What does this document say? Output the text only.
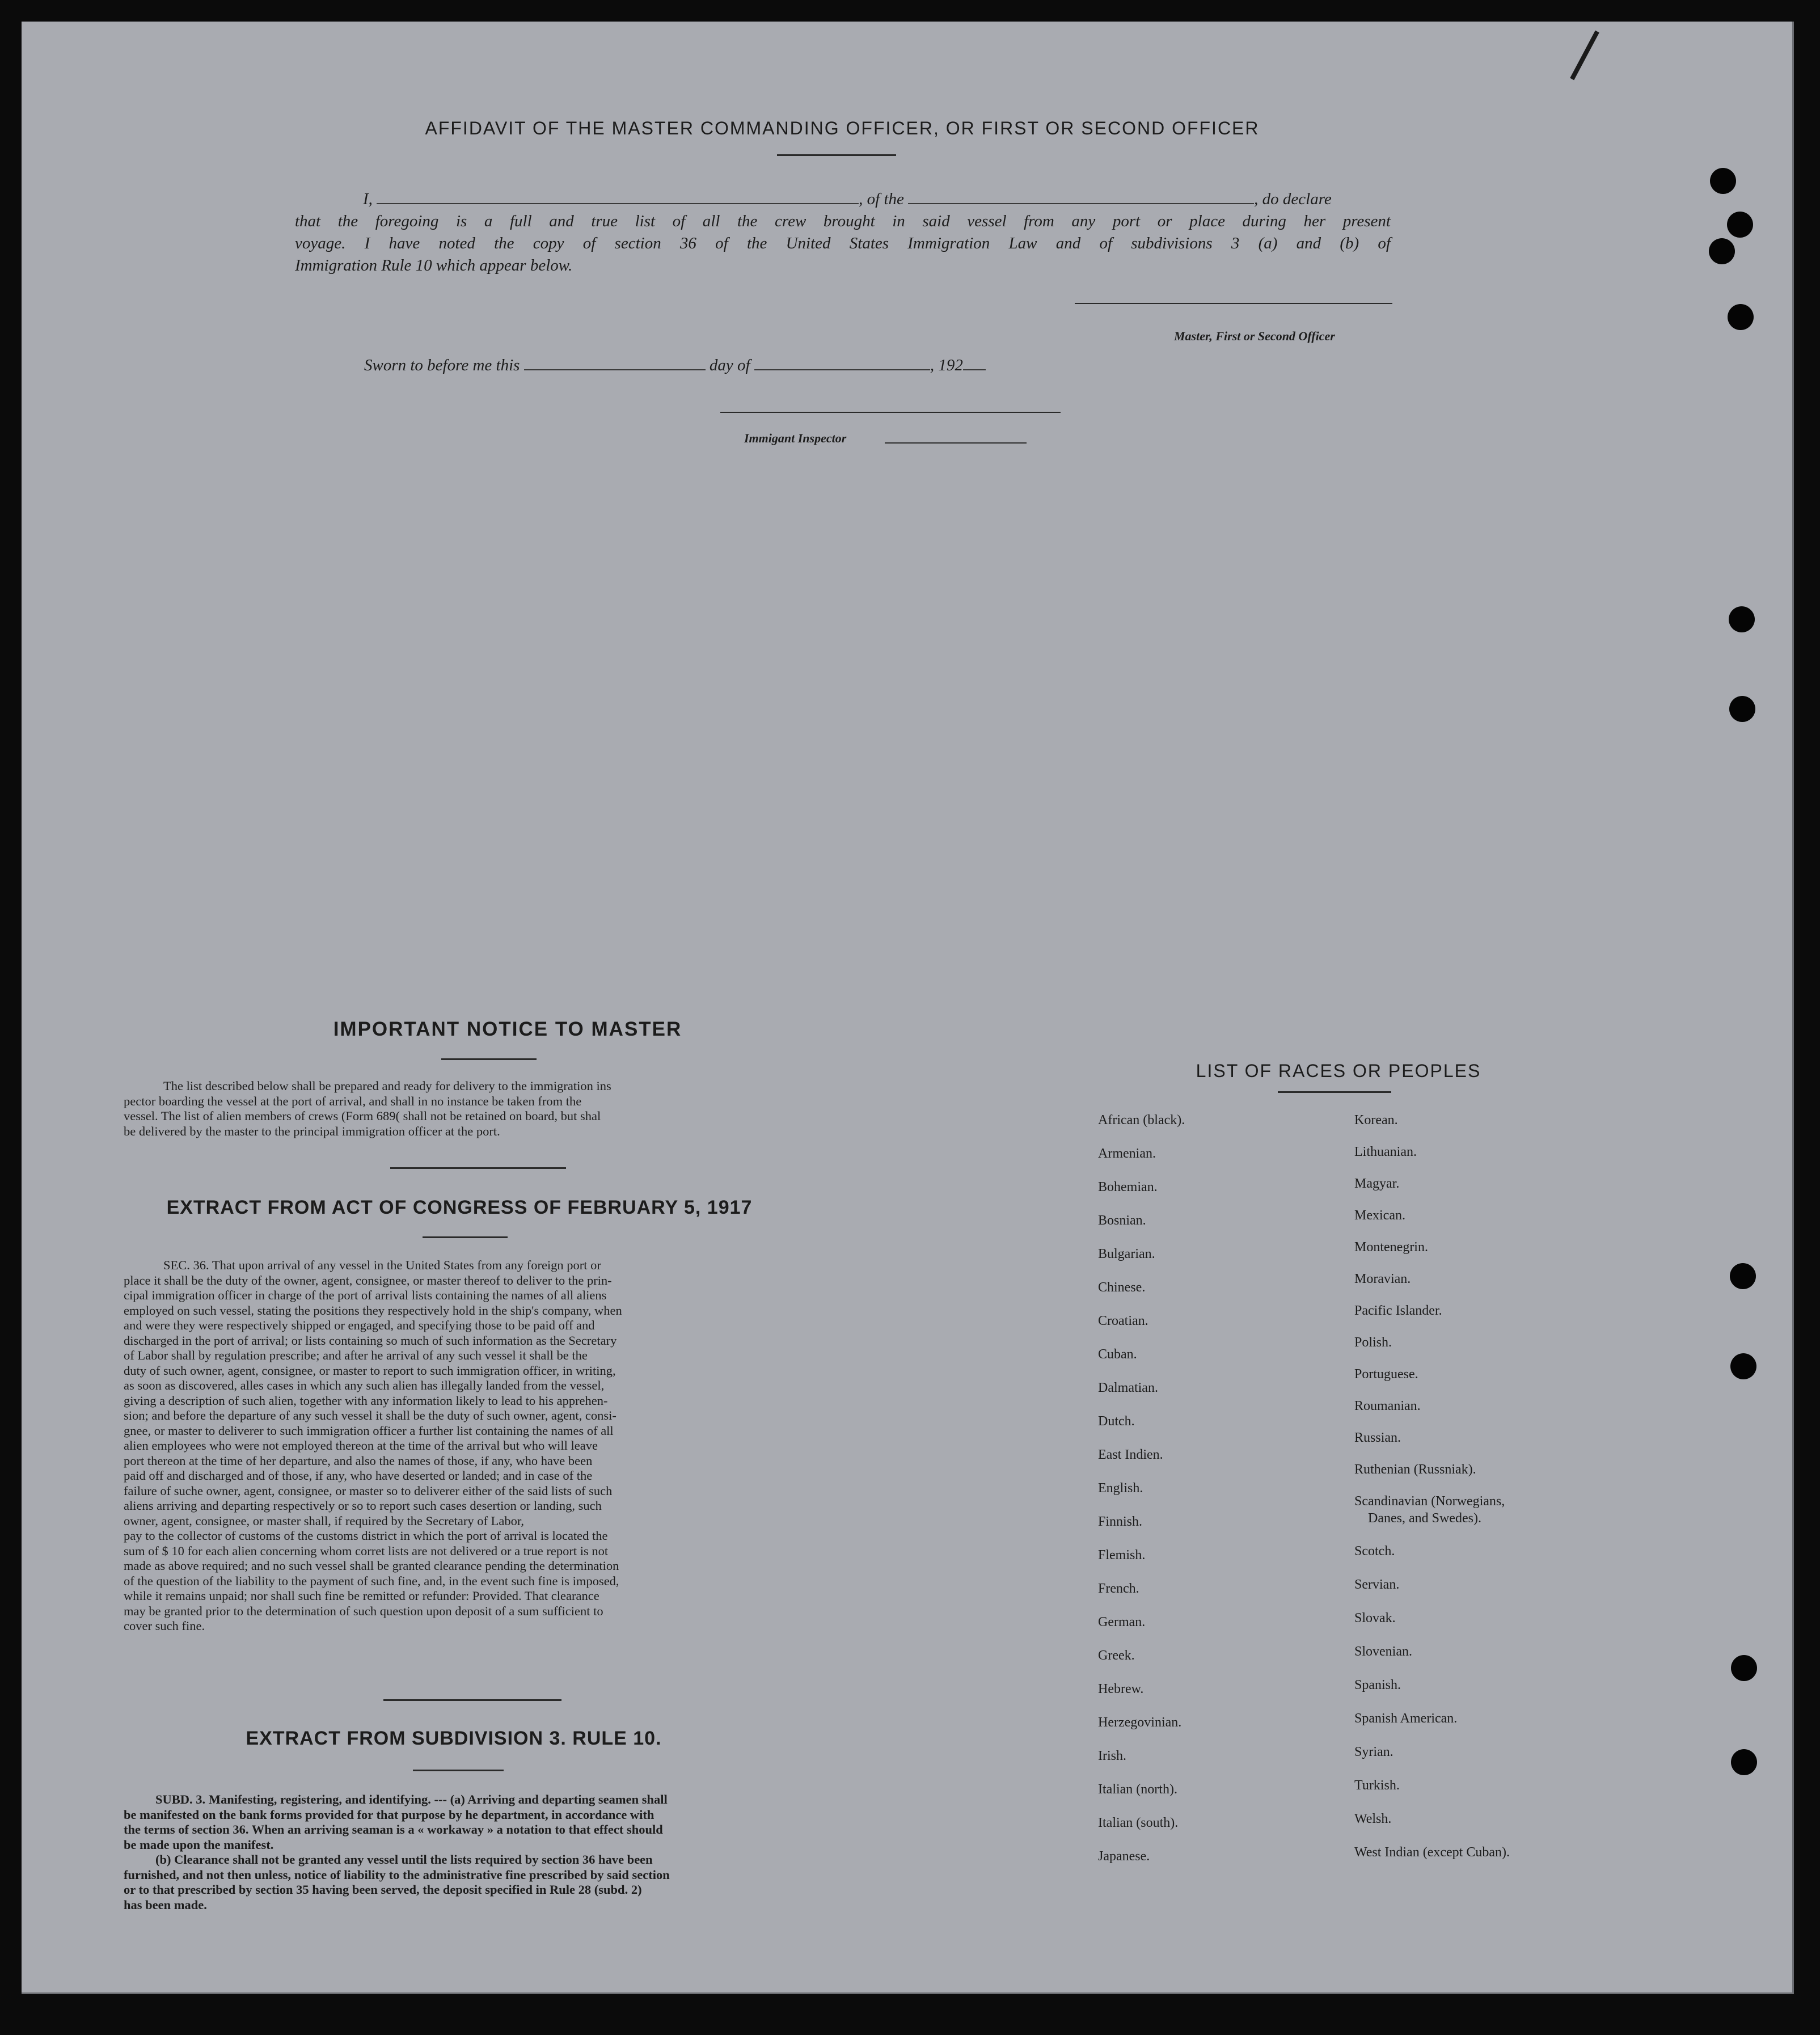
AFFIDAVIT OF THE MASTER COMMANDING OFFICER, OR FIRST OR SECOND OFFICER
I,	, of the	, do declare
that the foregoing is a full and true list of all the crew brought in said vessel from any port or place during her present
voyage. I have noted the copy of section 36 of the United States Immigration Law and of subdivisions 3 (a) and (b) of
Immigration Rule 10 which appear below.
Master, First or Second Officer
Sworn to before me this	day of	, 192
Immigant Inspector
IMPORTANT NOTICE TO MASTER
The list described below shall be prepared and ready for delivery to the immigration ins
pector boarding the vessel at the port of arrival, and shall in no instance be taken from the
vessel. The list of alien members of crews (Form 689( shall not be retained on board, but shal
be delivered by the master to the principal immigration officer at the port.
EXTRACT FROM ACT OF CONGRESS OF FEBRUARY 5, 1917
SEC. 36. That upon arrival of any vessel in the United States from any foreign port or
place it shall be the duty of the owner, agent, consignee, or master thereof to deliver to the prin-
cipal immigration officer in charge of the port of arrival lists containing the names of all aliens
employed on such vessel, stating the positions they respectively hold in the ship's company, when
and were they were respectively shipped or engaged, and specifying those to be paid off and
discharged in the port of arrival; or lists containing so much of such information as the Secretary
of Labor shall by regulation prescribe; and after he arrival of any such vessel it shall be the
duty of such owner, agent, consignee, or master to report to such immigration officer, in writing,
as soon as discovered, alles cases in which any such alien has illegally landed from the vessel,
giving a description of such alien, together with any information likely to lead to his apprehen-
sion; and before the departure of any such vessel it shall be the duty of such owner, agent, consi-
gnee, or master to deliverer to such immigration officer a further list containing the names of all
alien employees who were not employed thereon at the time of the arrival but who will leave
port thereon at the time of her departure, and also the names of those, if any, who have been
paid off and discharged and of those, if any, who have deserted or landed; and in case of the
failure of suche owner, agent, consignee, or master so to deliverer either of the said lists of such
aliens arriving and departing respectively or so to report such cases desertion or landing, such
owner, agent, consignee, or master shall, if required by the Secretary of Labor,
pay to the collector of customs of the customs district in which the port of arrival is located the
sum of $ 10 for each alien concerning whom corret lists are not delivered or a true report is not
made as above required; and no such vessel shall be granted clearance pending the determination
of the question of the liability to the payment of such fine, and, in the event such fine is imposed,
while it remains unpaid; nor shall such fine be remitted or refunder: Provided. That clearance
may be granted prior to the determination of such question upon deposit of a sum sufficient to
cover such fine.
EXTRACT FROM SUBDIVISION 3. RULE 10.
SUBD. 3. Manifesting, registering, and identifying. --- (a) Arriving and departing seamen shall
be manifested on the bank forms provided for that purpose by he department, in accordance with
the terms of section 36. When an arriving seaman is a « workaway » a notation to that effect should
be made upon the manifest.
(b) Clearance shall not be granted any vessel until the lists required by section 36 have been
furnished, and not then unless, notice of liability to the administrative fine prescribed by said section
or to that prescribed by section 35 having been served, the deposit specified in Rule 28 (subd. 2)
has been made.
LIST OF RACES OR PEOPLES
African (black).
Armenian.
Bohemian.
Bosnian.
Bulgarian.
Chinese.
Croatian.
Cuban.
Dalmatian.
Dutch.
East Indien.
English.
Finnish.
Flemish.
French.
German.
Greek.
Hebrew.
Herzegovinian.
Irish.
Italian (north).
Italian (south).
Japanese.
Korean.
Lithuanian.
Magyar.
Mexican.
Montenegrin.
Moravian.
Pacific Islander.
Polish.
Portuguese.
Roumanian.
Russian.
Ruthenian (Russniak).
Scandinavian (Norwegians,
Danes, and Swedes).
Scotch.
Servian.
Slovak.
Slovenian.
Spanish.
Spanish American.
Syrian.
Turkish.
Welsh.
West Indian (except Cuban).
